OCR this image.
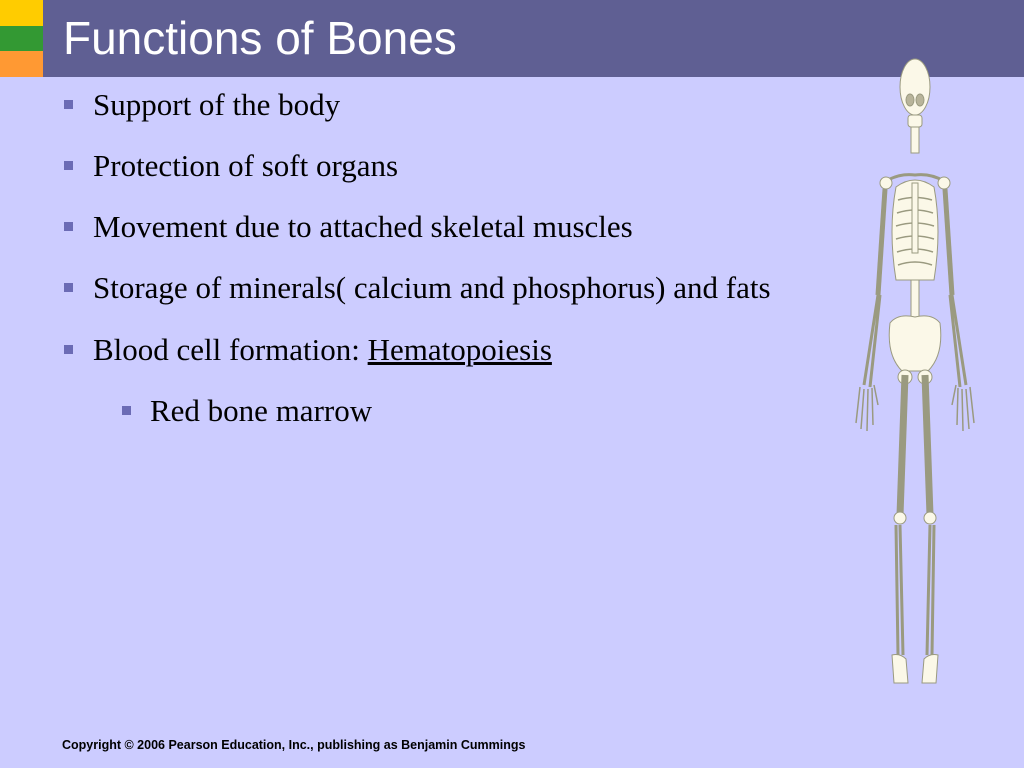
Functions of Bones
Support of the body
Protection of soft organs
Movement due to attached skeletal muscles
Storage of minerals( calcium and phosphorus) and fats
Blood cell formation: Hematopoiesis
Red bone marrow
Copyright © 2006 Pearson Education, Inc., publishing as Benjamin Cummings
